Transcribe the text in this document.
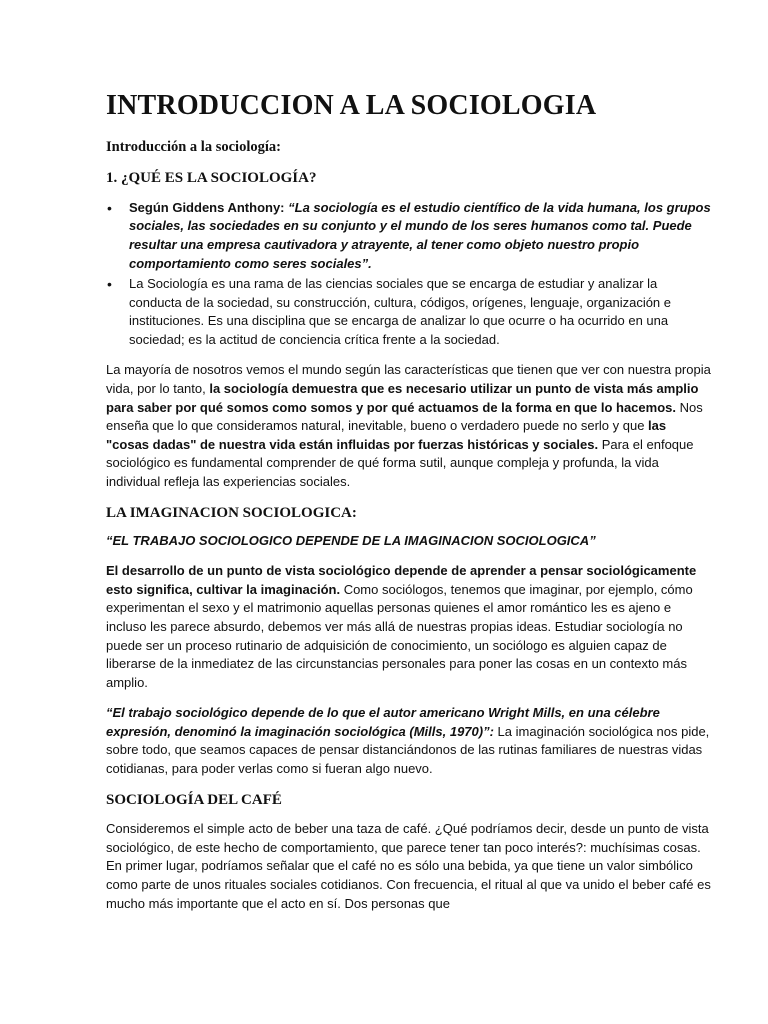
INTRODUCCION A LA SOCIOLOGIA
Introducción a la sociología:
1. ¿QUÉ ES LA SOCIOLOGÍA?
• Según Giddens Anthony: “La sociología es el estudio científico de la vida humana, los grupos sociales, las sociedades en su conjunto y el mundo de los seres humanos como tal. Puede resultar una empresa cautivadora y atrayente, al tener como objeto nuestro propio comportamiento como seres sociales”.
• La Sociología es una rama de las ciencias sociales que se encarga de estudiar y analizar la conducta de la sociedad, su construcción, cultura, códigos, orígenes, lenguaje, organización e instituciones. Es una disciplina que se encarga de analizar lo que ocurre o ha ocurrido en una sociedad; es la actitud de conciencia crítica frente a la sociedad.

La mayoría de nosotros vemos el mundo según las características que tienen que ver con nuestra propia vida, por lo tanto, la sociología demuestra que es necesario utilizar un punto de vista más amplio para saber por qué somos como somos y por qué actuamos de la forma en que lo hacemos. Nos enseña que lo que consideramos natural, inevitable, bueno o verdadero puede no serlo y que las "cosas dadas" de nuestra vida están influidas por fuerzas históricas y sociales. Para el enfoque sociológico es fundamental comprender de qué forma sutil, aunque compleja y profunda, la vida individual refleja las experiencias sociales.

LA IMAGINACION SOCIOLOGICA:
“EL TRABAJO SOCIOLOGICO DEPENDE DE LA IMAGINACION SOCIOLOGICA”

El desarrollo de un punto de vista sociológico depende de aprender a pensar sociológicamente esto significa, cultivar la imaginación. Como sociólogos, tenemos que imaginar, por ejemplo, cómo experimentan el sexo y el matrimonio aquellas personas quienes el amor romántico les es ajeno e incluso les parece absurdo, debemos ver más allá de nuestras propias ideas. Estudiar sociología no puede ser un proceso rutinario de adquisición de conocimiento, un sociólogo es alguien capaz de liberarse de la inmediatez de las circunstancias personales para poner las cosas en un contexto más amplio.

“El trabajo sociológico depende de lo que el autor americano Wright Mills, en una célebre expresión, denominó la imaginación sociológica (Mills, 1970)”: La imaginación sociológica nos pide, sobre todo, que seamos capaces de pensar distanciándonos de las rutinas familiares de nuestras vidas cotidianas, para poder verlas como si fueran algo nuevo.

SOCIOLOGÍA DEL CAFÉ

Consideremos el simple acto de beber una taza de café. ¿Qué podríamos decir, desde un punto de vista sociológico, de este hecho de comportamiento, que parece tener tan poco interés?: muchísimas cosas. En primer lugar, podríamos señalar que el café no es sólo una bebida, ya que tiene un valor simbólico como parte de unos rituales sociales cotidianos. Con frecuencia, el ritual al que va unido el beber café es mucho más importante que el acto en sí. Dos personas que
